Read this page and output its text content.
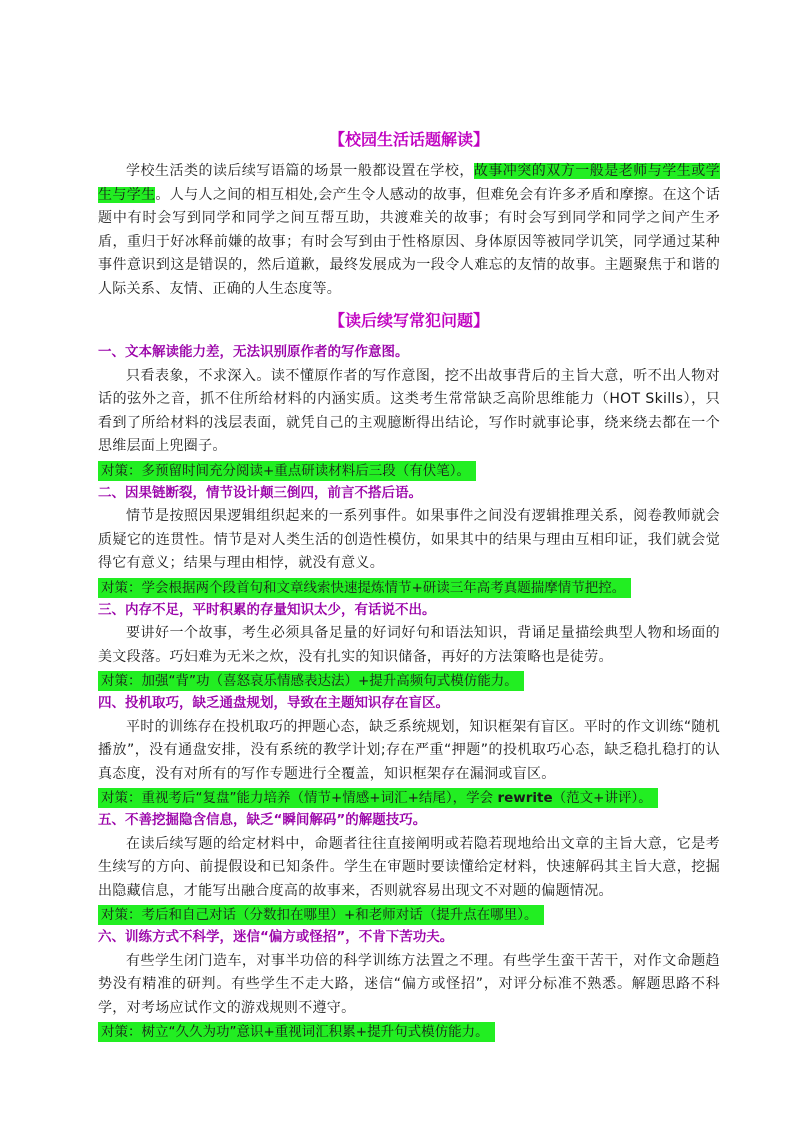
【校园生活话题解读】

学校生活类的读后续写语篇的场景一般都设置在学校，故事冲突的双方一般是老师与学生或学生与学生。人与人之间的相互相处,会产生令人感动的故事，但难免会有许多矛盾和摩擦。在这个话题中有时会写到同学和同学之间互帮互助，共渡难关的故事；有时会写到同学和同学之间产生矛盾，重归于好冰释前嫌的故事；有时会写到由于性格原因、身体原因等被同学讥笑，同学通过某种事件意识到这是错误的，然后道歉，最终发展成为一段令人难忘的友情的故事。主题聚焦于和谐的人际关系、友情、正确的人生态度等。

【读后续写常犯问题】

一、文本解读能力差，无法识别原作者的写作意图。

只看表象，不求深入。读不懂原作者的写作意图，挖不出故事背后的主旨大意，听不出人物对话的弦外之音，抓不住所给材料的内涵实质。这类考生常常缺乏高阶思维能力（HOT Skills），只看到了所给材料的浅层表面，就凭自己的主观臆断得出结论，写作时就事论事，绕来绕去都在一个思维层面上兜圈子。

对策：多预留时间充分阅读+重点研读材料后三段（有伏笔）。

二、因果链断裂，情节设计颠三倒四，前言不搭后语。

情节是按照因果逻辑组织起来的一系列事件。如果事件之间没有逻辑推理关系，阅卷教师就会质疑它的连贯性。情节是对人类生活的创造性模仿，如果其中的结果与理由互相印证，我们就会觉得它有意义；结果与理由相悖，就没有意义。

对策：学会根据两个段首句和文章线索快速提炼情节+研读三年高考真题揣摩情节把控。

三、内存不足，平时积累的存量知识太少，有话说不出。

要讲好一个故事，考生必须具备足量的好词好句和语法知识，背诵足量描绘典型人物和场面的美文段落。巧妇难为无米之炊，没有扎实的知识储备，再好的方法策略也是徒劳。

对策：加强“背”功（喜怒哀乐情感表达法）+提升高频句式模仿能力。

四、投机取巧，缺乏通盘规划，导致在主题知识存在盲区。

平时的训练存在投机取巧的押题心态，缺乏系统规划，知识框架有盲区。平时的作文训练“随机播放”，没有通盘安排，没有系统的教学计划;存在严重“押题”的投机取巧心态，缺乏稳扎稳打的认真态度，没有对所有的写作专题进行全覆盖，知识框架存在漏洞或盲区。

对策：重视考后“复盘”能力培养（情节+情感+词汇+结尾），学会 rewrite（范文+讲评）。

五、不善挖掘隐含信息，缺乏“瞬间解码”的解题技巧。

在读后续写题的给定材料中，命题者往往直接阐明或若隐若现地给出文章的主旨大意，它是考生续写的方向、前提假设和已知条件。学生在审题时要读懂给定材料，快速解码其主旨大意，挖掘出隐藏信息，才能写出融合度高的故事来，否则就容易出现文不对题的偏题情况。

对策：考后和自己对话（分数扣在哪里）+和老师对话（提升点在哪里）。

六、训练方式不科学，迷信“偏方或怪招”，不肯下苦功夫。

有些学生闭门造车，对事半功倍的科学训练方法置之不理。有些学生蛮干苦干，对作文命题趋势没有精准的研判。有些学生不走大路，迷信“偏方或怪招”，对评分标准不熟悉。解题思路不科学，对考场应试作文的游戏规则不遵守。

对策：树立“久久为功”意识+重视词汇积累+提升句式模仿能力。
